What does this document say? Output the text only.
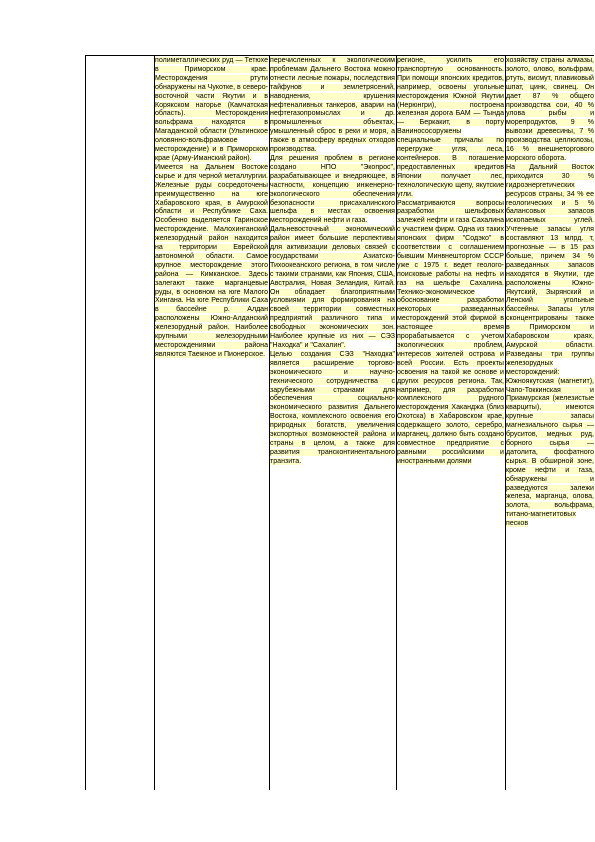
полиметаллических руд — Тетюхе в Приморском крае. Месторождения ртути обнаружены на Чукотке, в северо-восточной части Якутии и в Корякском нагорье (Камчатская область). Месторождения вольфрама находятся в Магаданской области (Ультинское оловянно-вольфрамовое месторождение) и в Приморском крае (Арму-Иманский район).
Имеется на Дальнем Востоке сырье и для черной металлургии. Железные руды сосредоточены преимущественно на юге Хабаровского края, в Амурской области и Республике Саха. Особенно выделяется Гаринское месторождение. Малохинганский железорудный район находится на территории Еврейской автономной области. Самое крупное месторождение этого района — Кимканское. Здесь залегают также марганцевые руды, в основном на юге Малого Хингана. На юге Республики Саха в бассейне р. Алдан расположены Южно-Алданский железорудный район. Наиболее крупными железорудными месторождениями района являются Таежное и Пионерское.
перечисленных к экологическим проблемам Дальнего Востока можно отнести лесные пожары, последствия тайфунов и землетрясений, наводнения, крушения нефтеналивных танкеров, аварии на нефтегазопромыслах и др. промышленных объектах, умышленный сброс в реки и моря, а также в атмосферу вредных отходов производства.
Для решения проблем в регионе создано НПО "Экопрос", разрабатывающее и внедряющее, в частности, концепцию инженерно-экологического обеспечения безопасности присахалинского шельфа в местах освоения месторождений нефти и газа.
Дальневосточный экономический район имеет большие перспективы для активизации деловых связей с государствами Азиатско-Тихоокеанского региона, в том числе с такими странами, как Япония, США, Австралия, Новая Зеландия, Китай. Он обладает благоприятными условиями для формирования на своей территории совместных предприятий различного типа и свободных экономических зон. Наиболее крупные из них — СЭЗ "Находка" и "Сахалин".
Целью создания СЭЗ "Находка" является расширение торгово-экономического и научно-технического сотрудничества с зарубежными странами для обеспечения социально-экономического развития Дальнего Востока, комплексного освоения его природных богатств, увеличения экспортных возможностей района и страны в целом, а также для развития трансконтинентального транзита.
регионе, усилить его транспортную основанность. При помощи японских кредитов, например, освоены угольные месторождения Южной Якутии (Нерюнгри), построена железная дорога БАМ — Тында — Беркакит, в порту Ванинососоружены специальные причалы по перегрузке угля, леса, контейнеров. В погашение предоставленных кредитов Японии получает лес, технологическую щепу, якутские угли.
Рассматриваются вопросы разработки шельфовых залежей нефти и газа Сахалина с участием фирм. Одна из таких японских фирм "Содэко" в соответствии с соглашением бывшим Минвнешторгом СССР уже с 1975 г. ведет геолого-поисковые работы на нефть и газ на шельфе Сахалина. Технико-экономическое обоснование разработки некоторых разведанных месторождений этой фирмой в настоящее время прорабатывается с учетом экологических проблем, интересов жителей острова и всей России. Есть проекты освоения на такой же основе и других ресурсов региона. Так, например, для разработки комплексного рудного месторождения Хаканджа (близ Охотска) в Хабаровском крае, содержащего золото, серебро, марганец, должно быть создано совместное предприятие с равными российскими и иностранными долями
хозяйству страны алмазы, золото, олово, вольфрам, ртуть, висмут, плавиковый шпат, цинк, свинец. Он дает 87 % общего производства сои, 40 % улова рыбы и морепродуктов, 9 % вывозки древесины, 7 % производства целлюлозы, 16 % внешнеторгового морского оборота.
На Дальний Восток приходится 30 % гидроэнергетических ресурсов страны, 34 % ее геологических и 5 % балансовых запасов ископаемых углей. Учтенные запасы угля составляют 13 млрд. т, прогнозные — в 15 раз больше, причем 34 % разведанных запасов находятся в Якутии, где расположены Южно-Якутский, Зырянский и Ленский угольные бассейны. Запасы угля сконцентрированы также в Приморском и Хабаровском краях, Амурской области. Разведаны три группы железорудных месторождений: Южноякутская (магнетит), Чапо-Токкинская и Приамурская (железистые кварциты), имеются крупные запасы магнезиального сырья — бруситов, медных руд, борного сырья — датолита, фосфатного сырья. В обширной зоне, кроме нефти и газа, обнаружены и разведуются залежи железа, марганца, олова, золота, вольфрама, титано-магнетитовых песков
